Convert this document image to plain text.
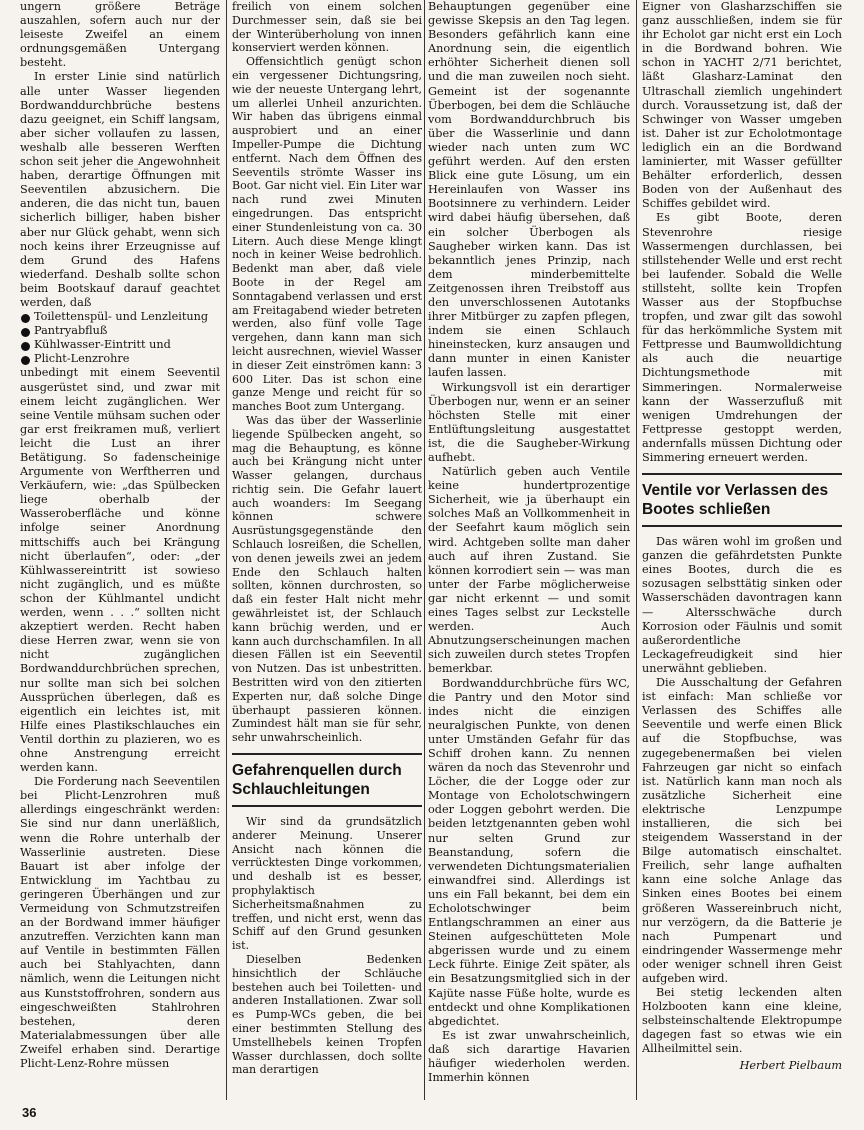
ungern größere Beträge auszahlen, sofern auch nur der leiseste Zweifel an einem ordnungsgemäßen Untergang besteht.

In erster Linie sind natürlich alle unter Wasser liegenden Bordwanddurchbrüche bestens dazu geeignet, ein Schiff langsam, aber sicher vollaufen zu lassen, weshalb alle besseren Werften schon seit jeher die Angewohnheit haben, derartige Öffnungen mit Seeventilen abzusichern. Die anderen, die das nicht tun, bauen sicherlich billiger, haben bisher aber nur Glück gehabt, wenn sich noch keins ihrer Erzeugnisse auf dem Grund des Hafens wiederfand. Deshalb sollte schon beim Bootskauf darauf geachtet werden, daß

Toilettenspül- und Lenzleitung
Pantryabfluß
Kühlwasser-Eintritt und
Plicht-Lenzrohre

unbedingt mit einem Seeventil ausgerüstet sind, und zwar mit einem leicht zugänglichen. Wer seine Ventile mühsam suchen oder gar erst freikramen muß, verliert leicht die Lust an ihrer Betätigung. So fadenscheinige Argumente von Werftherren und Verkäufern, wie: „das Spülbecken liege oberhalb der Wasseroberfläche und könne infolge seiner Anordnung mittschiffs auch bei Krängung nicht überlaufen“, oder: „der Kühlwassereintritt ist sowieso nicht zugänglich, und es müßte schon der Kühlmantel undicht werden, wenn . . .“ sollten nicht akzeptiert werden. Recht haben diese Herren zwar, wenn sie von nicht zugänglichen Bordwanddurchbrüchen sprechen, nur sollte man sich bei solchen Aussprüchen überlegen, daß es eigentlich ein leichtes ist, mit Hilfe eines Plastikschlauches ein Ventil dorthin zu plazieren, wo es ohne Anstrengung erreicht werden kann.

Die Forderung nach Seeventilen bei Plicht-Lenzrohren muß allerdings eingeschränkt werden: Sie sind nur dann unerläßlich, wenn die Rohre unterhalb der Wasserlinie austreten. Diese Bauart ist aber infolge der Entwicklung im Yachtbau zu geringeren Überhängen und zur Vermeidung von Schmutzstreifen an der Bordwand immer häufiger anzutreffen. Verzichten kann man auf Ventile in bestimmten Fällen auch bei Stahlyachten, dann nämlich, wenn die Leitungen nicht aus Kunststoffrohren, sondern aus eingeschweißten Stahlrohren bestehen, deren Materialabmessungen über alle Zweifel erhaben sind. Derartige Plicht-Lenz-Rohre müssen

freilich von einem solchen Durchmesser sein, daß sie bei der Winterüberholung von innen konserviert werden können.

Offensichtlich genügt schon ein vergessener Dichtungsring, wie der neueste Untergang lehrt, um allerlei Unheil anzurichten. Wir haben das übrigens einmal ausprobiert und an einer Impeller-Pumpe die Dichtung entfernt. Nach dem Öffnen des Seeventils strömte Wasser ins Boot. Gar nicht viel. Ein Liter war nach rund zwei Minuten eingedrungen. Das entspricht einer Stundenleistung von ca. 30 Litern. Auch diese Menge klingt noch in keiner Weise bedrohlich. Bedenkt man aber, daß viele Boote in der Regel am Sonntagabend verlassen und erst am Freitagabend wieder betreten werden, also fünf volle Tage vergehen, dann kann man sich leicht ausrechnen, wieviel Wasser in dieser Zeit einströmen kann: 3 600 Liter. Das ist schon eine ganze Menge und reicht für so manches Boot zum Untergang.

Was das über der Wasserlinie liegende Spülbecken angeht, so mag die Behauptung, es könne auch bei Krängung nicht unter Wasser gelangen, durchaus richtig sein. Die Gefahr lauert auch woanders: Im Seegang können schwere Ausrüstungsgegenstände den Schlauch losreißen, die Schellen, von denen jeweils zwei an jedem Ende den Schlauch halten sollten, können durchrosten, so daß ein fester Halt nicht mehr gewährleistet ist, der Schlauch kann brüchig werden, und er kann auch durchschamfilen. In all diesen Fällen ist ein Seeventil von Nutzen. Das ist unbestritten. Bestritten wird von den zitierten Experten nur, daß solche Dinge überhaupt passieren können. Zumindest hält man sie für sehr, sehr unwahrscheinlich.

Gefahrenquellen durch Schlauchleitungen

Wir sind da grundsätzlich anderer Meinung. Unserer Ansicht nach können die verrücktesten Dinge vorkommen, und deshalb ist es besser, prophylaktisch Sicherheitsmaßnahmen zu treffen, und nicht erst, wenn das Schiff auf den Grund gesunken ist.

Dieselben Bedenken hinsichtlich der Schläuche bestehen auch bei Toiletten- und anderen Installationen. Zwar soll es Pump-WCs geben, die bei einer bestimmten Stellung des Umstellhebels keinen Tropfen Wasser durchlassen, doch sollte man derartigen

Behauptungen gegenüber eine gewisse Skepsis an den Tag legen. Besonders gefährlich kann eine Anordnung sein, die eigentlich erhöhter Sicherheit dienen soll und die man zuweilen noch sieht. Gemeint ist der sogenannte Überbogen, bei dem die Schläuche vom Bordwanddurchbruch bis über die Wasserlinie und dann wieder nach unten zum WC geführt werden. Auf den ersten Blick eine gute Lösung, um ein Hereinlaufen von Wasser ins Bootsinnere zu verhindern. Leider wird dabei häufig übersehen, daß ein solcher Überbogen als Saugheber wirken kann. Das ist bekanntlich jenes Prinzip, nach dem minderbemittelte Zeitgenossen ihren Treibstoff aus den unverschlossenen Autotanks ihrer Mitbürger zu zapfen pflegen, indem sie einen Schlauch hineinstecken, kurz ansaugen und dann munter in einen Kanister laufen lassen.

Wirkungsvoll ist ein derartiger Überbogen nur, wenn er an seiner höchsten Stelle mit einer Entlüftungsleitung ausgestattet ist, die die Saugheber-Wirkung aufhebt.

Natürlich geben auch Ventile keine hundertprozentige Sicherheit, wie ja überhaupt ein solches Maß an Vollkommenheit in der Seefahrt kaum möglich sein wird. Achtgeben sollte man daher auch auf ihren Zustand. Sie können korrodiert sein — was man unter der Farbe möglicherweise gar nicht erkennt — und somit eines Tages selbst zur Leckstelle werden. Auch Abnutzungserscheinungen machen sich zuweilen durch stetes Tropfen bemerkbar.

Bordwanddurchbrüche fürs WC, die Pantry und den Motor sind indes nicht die einzigen neuralgischen Punkte, von denen unter Umständen Gefahr für das Schiff drohen kann. Zu nennen wären da noch das Stevenrohr und Löcher, die der Logge oder zur Montage von Echolotschwingern oder Loggen gebohrt werden. Die beiden letztgenannten geben wohl nur selten Grund zur Beanstandung, sofern die verwendeten Dichtungsmaterialien einwandfrei sind. Allerdings ist uns ein Fall bekannt, bei dem ein Echolotschwinger beim Entlangschrammen an einer aus Steinen aufgeschütteten Mole abgerissen wurde und zu einem Leck führte. Einige Zeit später, als ein Besatzungsmitglied sich in der Kajüte nasse Füße holte, wurde es entdeckt und ohne Komplikationen abgedichtet.

Es ist zwar unwahrscheinlich, daß sich darartige Havarien häufiger wiederholen werden. Immerhin können

Eigner von Glasharzschiffen sie ganz ausschließen, indem sie für ihr Echolot gar nicht erst ein Loch in die Bordwand bohren. Wie schon in YACHT 2/71 berichtet, läßt Glasharz-Laminat den Ultraschall ziemlich ungehindert durch. Voraussetzung ist, daß der Schwinger von Wasser umgeben ist. Daher ist zur Echolotmontage lediglich ein an die Bordwand laminierter, mit Wasser gefüllter Behälter erforderlich, dessen Boden von der Außenhaut des Schiffes gebildet wird.

Es gibt Boote, deren Stevenrohre riesige Wassermengen durchlassen, bei stillstehender Welle und erst recht bei laufender. Sobald die Welle stillsteht, sollte kein Tropfen Wasser aus der Stopfbuchse tropfen, und zwar gilt das sowohl für das herkömmliche System mit Fettpresse und Baumwolldichtung als auch die neuartige Dichtungsmethode mit Simmeringen. Normalerweise kann der Wasserzufluß mit wenigen Umdrehungen der Fettpresse gestoppt werden, andernfalls müssen Dichtung oder Simmering erneuert werden.

Ventile vor Verlassen des Bootes schließen

Das wären wohl im großen und ganzen die gefährdetsten Punkte eines Bootes, durch die es sozusagen selbsttätig sinken oder Wasserschäden davontragen kann — Altersschwäche durch Korrosion oder Fäulnis und somit außerordentliche Leckagefreudigkeit sind hier unerwähnt geblieben.

Die Ausschaltung der Gefahren ist einfach: Man schließe vor Verlassen des Schiffes alle Seeventile und werfe einen Blick auf die Stopfbuchse, was zugegebenermaßen bei vielen Fahrzeugen gar nicht so einfach ist. Natürlich kann man noch als zusätzliche Sicherheit eine elektrische Lenzpumpe installieren, die sich bei steigendem Wasserstand in der Bilge automatisch einschaltet. Freilich, sehr lange aufhalten kann eine solche Anlage das Sinken eines Bootes bei einem größeren Wassereinbruch nicht, nur verzögern, da die Batterie je nach Pumpenart und eindringender Wassermenge mehr oder weniger schnell ihren Geist aufgeben wird.

Bei stetig leckenden alten Holzbooten kann eine kleine, selbsteinschaltende Elektropumpe dagegen fast so etwas wie ein Allheilmittel sein.

Herbert Pielbaum
36
